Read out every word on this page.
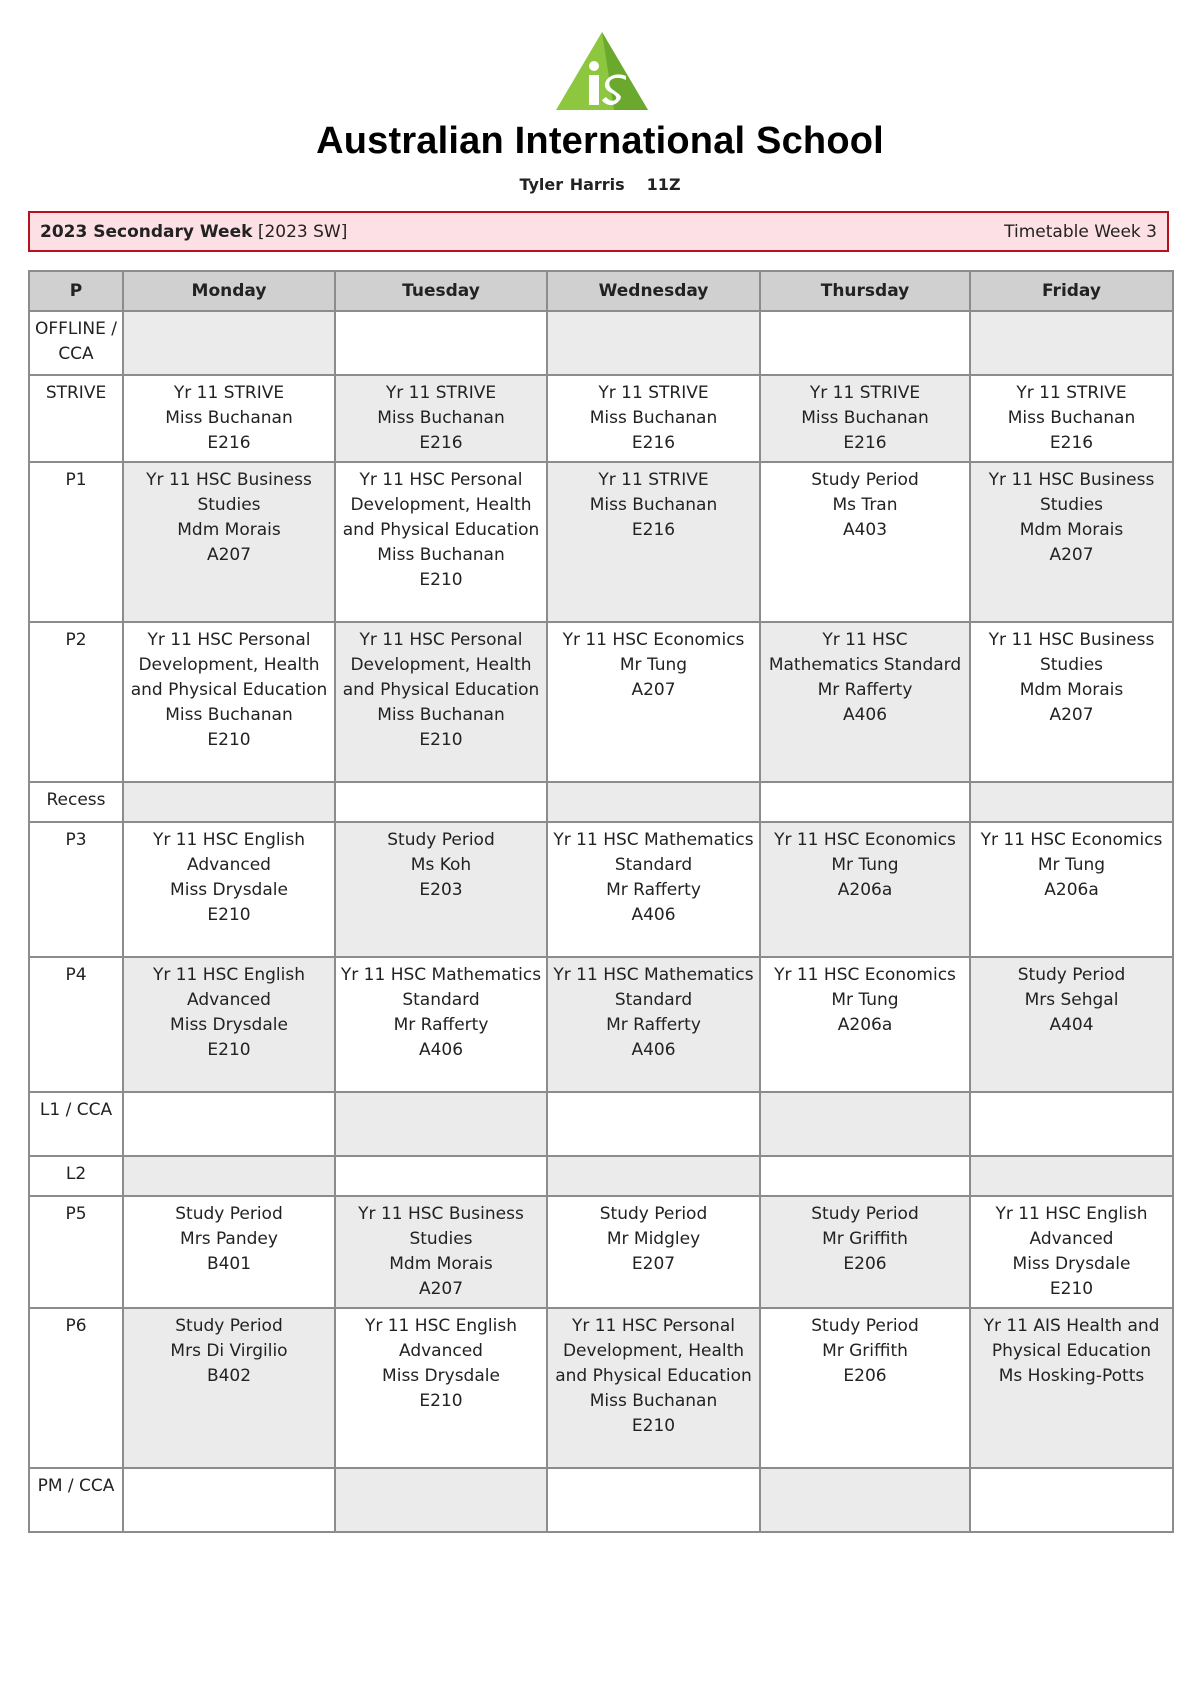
Australian International School
Tyler Harris 11Z
2023 Secondary Week [2023 SW]	Timetable Week 3
P	Monday	Tuesday	Wednesday	Thursday	Friday
OFFLINE / CCA					
STRIVE	Yr 11 STRIVE
Miss Buchanan
E216	Yr 11 STRIVE
Miss Buchanan
E216	Yr 11 STRIVE
Miss Buchanan
E216	Yr 11 STRIVE
Miss Buchanan
E216	Yr 11 STRIVE
Miss Buchanan
E216

P1	Yr 11 HSC Business Studies
Mdm Morais
A207	Yr 11 HSC Personal Development, Health and Physical Education
Miss Buchanan
E210	Yr 11 STRIVE
Miss Buchanan
E216	Study Period
Ms Tran
A403	Yr 11 HSC Business Studies
Mdm Morais
A207

P2	Yr 11 HSC Personal Development, Health and Physical Education
Miss Buchanan
E210	Yr 11 HSC Personal Development, Health and Physical Education
Miss Buchanan
E210	Yr 11 HSC Economics
Mr Tung
A207	Yr 11 HSC Mathematics Standard
Mr Rafferty
A406	Yr 11 HSC Business Studies
Mdm Morais
A207

Recess					
P3	Yr 11 HSC English Advanced
Miss Drysdale
E210	Study Period
Ms Koh
E203	Yr 11 HSC Mathematics Standard
Mr Rafferty
A406	Yr 11 HSC Economics
Mr Tung
A206a	Yr 11 HSC Economics
Mr Tung
A206a

P4	Yr 11 HSC English Advanced
Miss Drysdale
E210	Yr 11 HSC Mathematics Standard
Mr Rafferty
A406	Yr 11 HSC Mathematics Standard
Mr Rafferty
A406	Yr 11 HSC Economics
Mr Tung
A206a	Study Period
Mrs Sehgal
A404

L1 / CCA					
L2					
P5	Study Period
Mrs Pandey
B401	Yr 11 HSC Business Studies
Mdm Morais
A207	Study Period
Mr Midgley
E207	Study Period
Mr Griffith
E206	Yr 11 HSC English Advanced
Miss Drysdale
E210

P6	Study Period
Mrs Di Virgilio
B402	Yr 11 HSC English Advanced
Miss Drysdale
E210	Yr 11 HSC Personal Development, Health and Physical Education
Miss Buchanan
E210	Study Period
Mr Griffith
E206	Yr 11 AIS Health and Physical Education
Ms Hosking-Potts

PM / CCA					
